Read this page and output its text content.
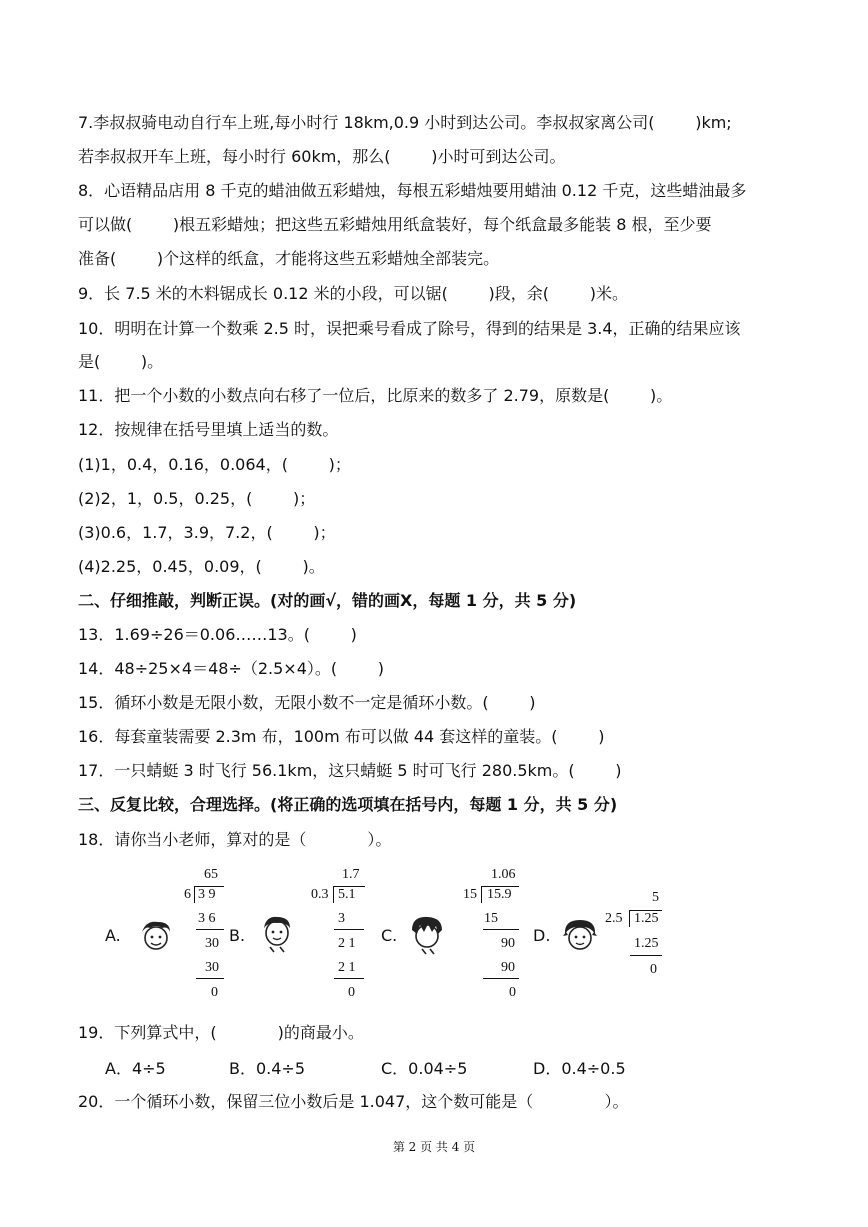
7.李叔叔骑电动自行车上班,每小时行 18km,0.9 小时到达公司。李叔叔家离公司(        )km;
若李叔叔开车上班，每小时行 60km，那么(        )小时可到达公司。
8．心语精品店用 8 千克的蜡油做五彩蜡烛，每根五彩蜡烛要用蜡油 0.12 千克，这些蜡油最多
可以做(        )根五彩蜡烛；把这些五彩蜡烛用纸盒装好，每个纸盒最多能装 8 根，至少要
准备(        )个这样的纸盒，才能将这些五彩蜡烛全部装完。
9．长 7.5 米的木料锯成长 0.12 米的小段，可以锯(        )段，余(        )米。
10．明明在计算一个数乘 2.5 时，误把乘号看成了除号，得到的结果是 3.4，正确的结果应该
是(        )。
11．把一个小数的小数点向右移了一位后，比原来的数多了 2.79，原数是(        )。
12．按规律在括号里填上适当的数。
(1)1，0.4，0.16，0.064，(        )；
(2)2，1，0.5，0.25，(        )；
(3)0.6，1.7，3.9，7.2，(        )；
(4)2.25，0.45，0.09，(        )。
二、仔细推敲，判断正误。(对的画√，错的画X，每题 1 分，共 5 分)
13．1.69÷26＝0.06……13。(        )
14．48÷25×4＝48÷（2.5×4）。(        )
15．循环小数是无限小数，无限小数不一定是循环小数。(        )
16．每套童装需要 2.3m 布，100m 布可以做 44 套这样的童装。(        )
17．一只蜻蜓 3 时飞行 56.1km，这只蜻蜓 5 时可飞行 280.5km。(        )
三、反复比较，合理选择。(将正确的选项填在括号内，每题 1 分，共 5 分)
18．请你当小老师，算对的是（            ）。
A.	B.	C.	D.
65
6 3 9
3 6
30
30
0
1.7
0.3 5.1
3
2 1
2 1
0
1.06
15 15.9
15
90
90
0
5
2.5 1.25
1.25
0
19．下列算式中，(            )的商最小。
A．4÷5	B．0.4÷5	C．0.04÷5	D．0.4÷0.5
20．一个循环小数，保留三位小数后是 1.047，这个数可能是（              ）。
第 2 页 共 4 页
